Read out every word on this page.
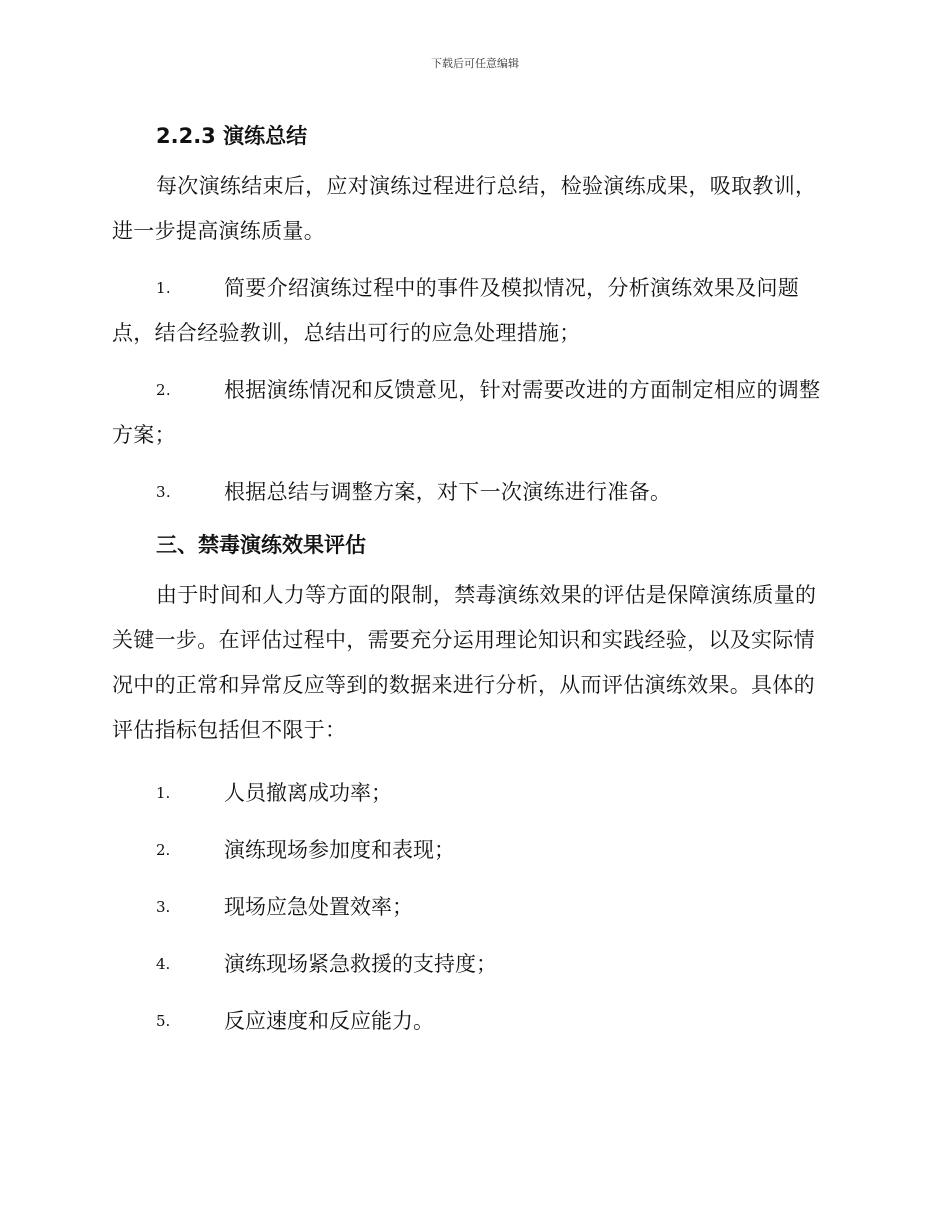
下载后可任意编辑
2.2.3 演练总结

每次演练结束后，应对演练过程进行总结，检验演练成果，吸取教训，进一步提高演练质量。

1.	简要介绍演练过程中的事件及模拟情况，分析演练效果及问题
点，结合经验教训，总结出可行的应急处理措施；
2.	根据演练情况和反馈意见，针对需要改进的方面制定相应的调整
方案；
3.	根据总结与调整方案，对下一次演练进行准备。
三、禁毒演练效果评估

由于时间和人力等方面的限制，禁毒演练效果的评估是保障演练质量的关键一步。在评估过程中，需要充分运用理论知识和实践经验，以及实际情况中的正常和异常反应等到的数据来进行分析，从而评估演练效果。具体的评估指标包括但不限于：

1.	人员撤离成功率；
2.	演练现场参加度和表现；
3.	现场应急处置效率；
4.	演练现场紧急救援的支持度；
5.	反应速度和反应能力。
